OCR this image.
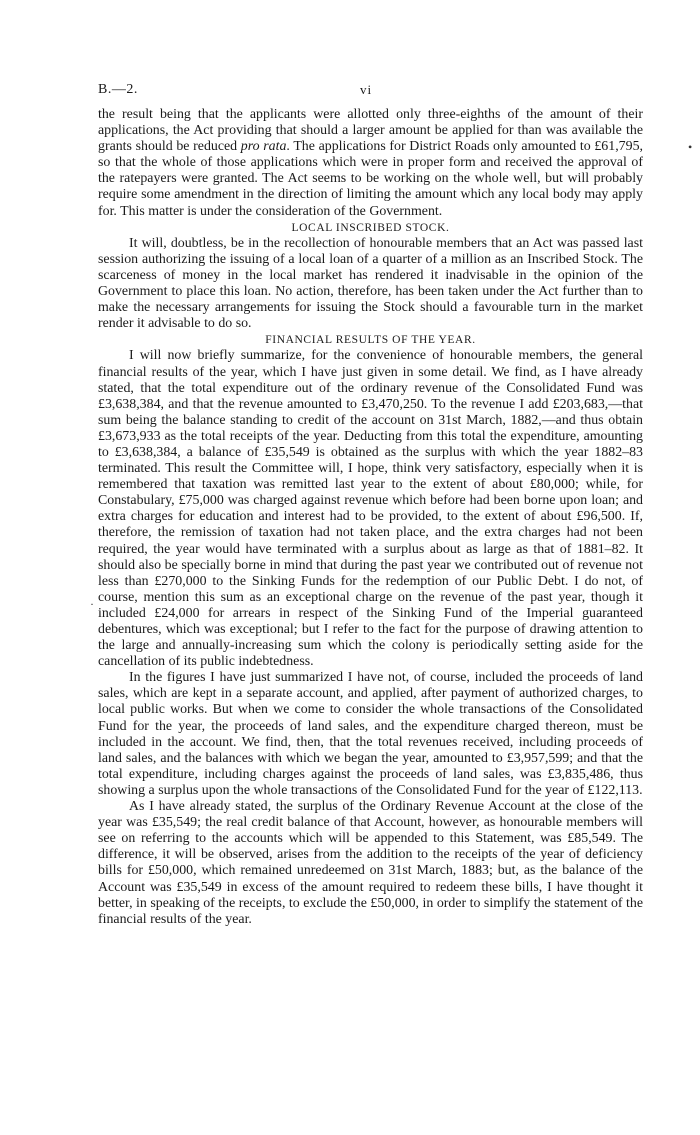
B.—2.	vi

the result being that the applicants were allotted only three-eighths of the amount of their applications, the Act providing that should a larger amount be applied for than was available the grants should be reduced pro rata. The applications for District Roads only amounted to £61,795, so that the whole of those applications which were in proper form and received the approval of the ratepayers were granted. The Act seems to be working on the whole well, but will probably require some amendment in the direction of limiting the amount which any local body may apply for. This matter is under the consideration of the Government.

LOCAL INSCRIBED STOCK.

It will, doubtless, be in the recollection of honourable members that an Act was passed last session authorizing the issuing of a local loan of a quarter of a million as an Inscribed Stock. The scarceness of money in the local market has rendered it inadvisable in the opinion of the Government to place this loan. No action, therefore, has been taken under the Act further than to make the necessary arrangements for issuing the Stock should a favourable turn in the market render it advisable to do so.

FINANCIAL RESULTS OF THE YEAR.

I will now briefly summarize, for the convenience of honourable members, the general financial results of the year, which I have just given in some detail. We find, as I have already stated, that the total expenditure out of the ordinary revenue of the Consolidated Fund was £3,638,384, and that the revenue amounted to £3,470,250. To the revenue I add £203,683,—that sum being the balance standing to credit of the account on 31st March, 1882,—and thus obtain £3,673,933 as the total receipts of the year. Deducting from this total the expenditure, amounting to £3,638,384, a balance of £35,549 is obtained as the surplus with which the year 1882–83 terminated. This result the Committee will, I hope, think very satisfactory, especially when it is remembered that taxation was remitted last year to the extent of about £80,000; while, for Constabulary, £75,000 was charged against revenue which before had been borne upon loan; and extra charges for education and interest had to be provided, to the extent of about £96,500. If, therefore, the remission of taxation had not taken place, and the extra charges had not been required, the year would have terminated with a surplus about as large as that of 1881–82. It should also be specially borne in mind that during the past year we contributed out of revenue not less than £270,000 to the Sinking Funds for the redemption of our Public Debt. I do not, of course, mention this sum as an exceptional charge on the revenue of the past year, though it included £24,000 for arrears in respect of the Sinking Fund of the Imperial guaranteed debentures, which was exceptional; but I refer to the fact for the purpose of drawing attention to the large and annually-increasing sum which the colony is periodically setting aside for the cancellation of its public indebtedness.

In the figures I have just summarized I have not, of course, included the proceeds of land sales, which are kept in a separate account, and applied, after payment of authorized charges, to local public works. But when we come to consider the whole transactions of the Consolidated Fund for the year, the proceeds of land sales, and the expenditure charged thereon, must be included in the account. We find, then, that the total revenues received, including proceeds of land sales, and the balances with which we began the year, amounted to £3,957,599; and that the total expenditure, including charges against the proceeds of land sales, was £3,835,486, thus showing a surplus upon the whole transactions of the Consolidated Fund for the year of £122,113.

As I have already stated, the surplus of the Ordinary Revenue Account at the close of the year was £35,549; the real credit balance of that Account, however, as honourable members will see on referring to the accounts which will be appended to this Statement, was £85,549. The difference, it will be observed, arises from the addition to the receipts of the year of deficiency bills for £50,000, which remained unredeemed on 31st March, 1883; but, as the balance of the Account was £35,549 in excess of the amount required to redeem these bills, I have thought it better, in speaking of the receipts, to exclude the £50,000, in order to simplify the statement of the financial results of the year.

•
·
